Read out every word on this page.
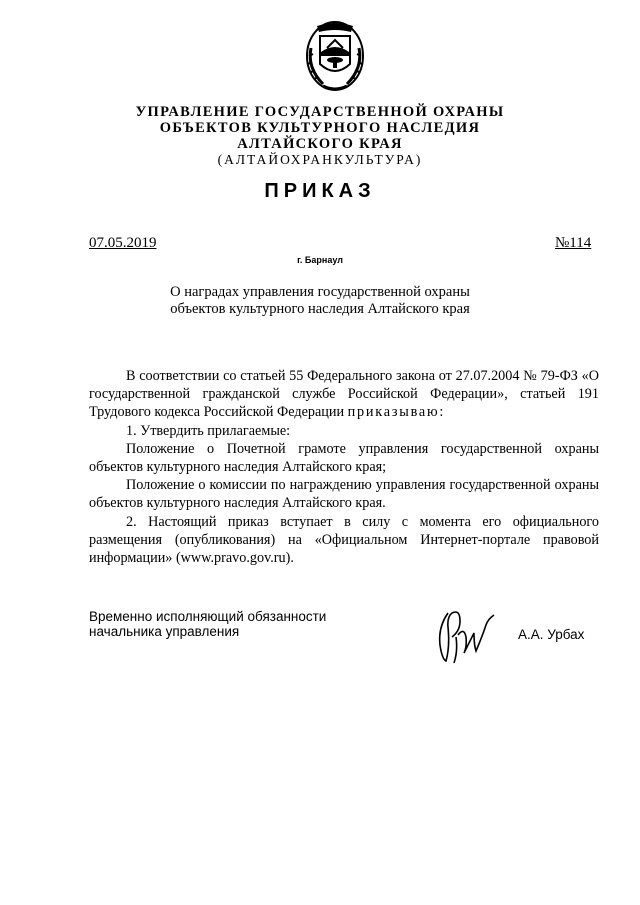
УПРАВЛЕНИЕ ГОСУДАРСТВЕННОЙ ОХРАНЫ
ОБЪЕКТОВ КУЛЬТУРНОГО НАСЛЕДИЯ
АЛТАЙСКОГО КРАЯ
(АЛТАЙОХРАНКУЛЬТУРА)
ПРИКАЗ
07.05.2019	№114
г. Барнаул
О наградах управления государственной охраны
объектов культурного наследия Алтайского края

В соответствии со статьей 55 Федерального закона от 27.07.2004 № 79-ФЗ «О государственной гражданской службе Российской Федерации», статьей 191 Трудового кодекса Российской Федерации приказываю:

1. Утвердить прилагаемые:

Положение о Почетной грамоте управления государственной охраны объектов культурного наследия Алтайского края;

Положение о комиссии по награждению управления государственной охраны объектов культурного наследия Алтайского края.

2. Настоящий приказ вступает в силу с момента его официального размещения (опубликования) на «Официальном Интернет-портале правовой информации» (www.pravo.gov.ru).

Временно исполняющий обязанности
начальника управления	А.А. Урбах
